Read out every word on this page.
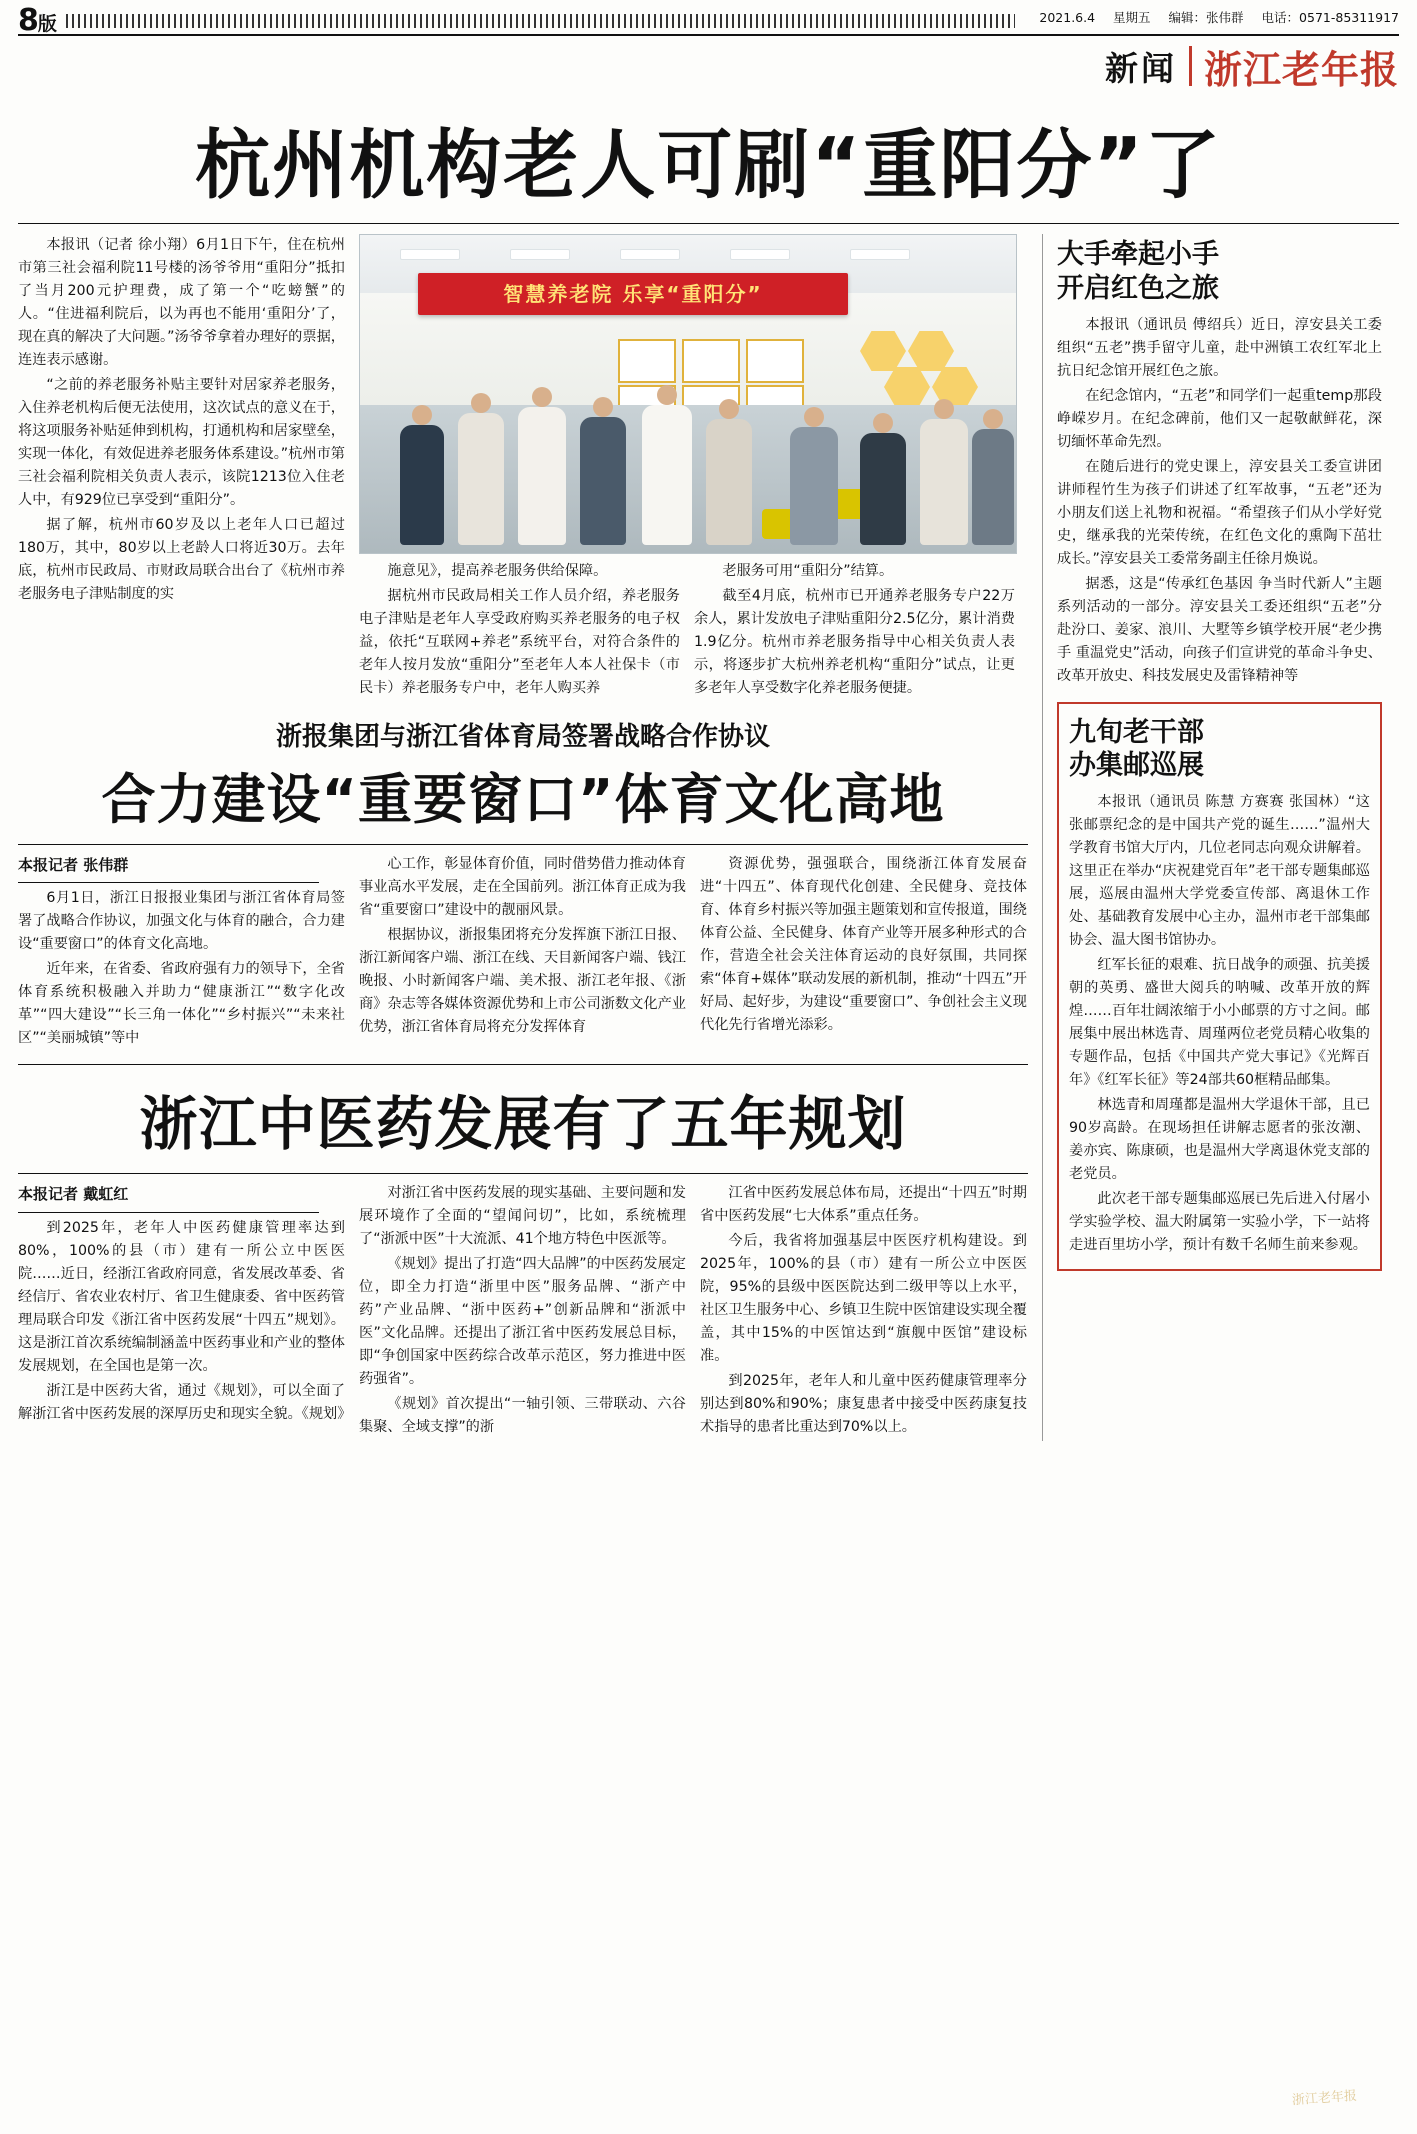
8版	2021.6.4 星期五 编辑：张伟群 电话：0571-85311917
新闻 浙江老年报
杭州机构老人可刷“重阳分”了

本报讯（记者 徐小翔）6月1日下午，住在杭州市第三社会福利院11号楼的汤爷爷用“重阳分”抵扣了当月200元护理费，成了第一个“吃螃蟹”的人。“住进福利院后，以为再也不能用‘重阳分’了，现在真的解决了大问题。”汤爷爷拿着办理好的票据，连连表示感谢。

“之前的养老服务补贴主要针对居家养老服务，入住养老机构后便无法使用，这次试点的意义在于，将这项服务补贴延伸到机构，打通机构和居家壁垒，实现一体化，有效促进养老服务体系建设。”杭州市第三社会福利院相关负责人表示，该院1213位入住老人中，有929位已享受到“重阳分”。

据了解，杭州市60岁及以上老年人口已超过180万，其中，80岁以上老龄人口将近30万。去年底，杭州市民政局、市财政局联合出台了《杭州市养老服务电子津贴制度的实

智慧养老院 乐享“重阳分”

施意见》，提高养老服务供给保障。

据杭州市民政局相关工作人员介绍，养老服务电子津贴是老年人享受政府购买养老服务的电子权益，依托“互联网+养老”系统平台，对符合条件的老年人按月发放“重阳分”至老年人本人社保卡（市民卡）养老服务专户中，老年人购买养

老服务可用“重阳分”结算。

截至4月底，杭州市已开通养老服务专户22万余人，累计发放电子津贴重阳分2.5亿分，累计消费1.9亿分。杭州市养老服务指导中心相关负责人表示，将逐步扩大杭州养老机构“重阳分”试点，让更多老年人享受数字化养老服务便捷。

浙报集团与浙江省体育局签署战略合作协议
合力建设“重要窗口”体育文化高地
本报记者 张伟群

6月1日，浙江日报报业集团与浙江省体育局签署了战略合作协议，加强文化与体育的融合，合力建设“重要窗口”的体育文化高地。

近年来，在省委、省政府强有力的领导下，全省体育系统积极融入并助力“健康浙江”“数字化改革”“四大建设”“长三角一体化”“乡村振兴”“未来社区”“美丽城镇”等中

心工作，彰显体育价值，同时借势借力推动体育事业高水平发展，走在全国前列。浙江体育正成为我省“重要窗口”建设中的靓丽风景。

根据协议，浙报集团将充分发挥旗下浙江日报、浙江新闻客户端、浙江在线、天目新闻客户端、钱江晚报、小时新闻客户端、美术报、浙江老年报、《浙商》杂志等各媒体资源优势和上市公司浙数文化产业优势，浙江省体育局将充分发挥体育

资源优势，强强联合，围绕浙江体育发展奋进“十四五”、体育现代化创建、全民健身、竞技体育、体育乡村振兴等加强主题策划和宣传报道，围绕体育公益、全民健身、体育产业等开展多种形式的合作，营造全社会关注体育运动的良好氛围，共同探索“体育+媒体”联动发展的新机制，推动“十四五”开好局、起好步，为建设“重要窗口”、争创社会主义现代化先行省增光添彩。

浙江中医药发展有了五年规划
本报记者 戴虹红

到2025年，老年人中医药健康管理率达到80%，100%的县（市）建有一所公立中医医院……近日，经浙江省政府同意，省发展改革委、省经信厅、省农业农村厅、省卫生健康委、省中医药管理局联合印发《浙江省中医药发展“十四五”规划》。这是浙江首次系统编制涵盖中医药事业和产业的整体发展规划，在全国也是第一次。

浙江是中医药大省，通过《规划》，可以全面了解浙江省中医药发展的深厚历史和现实全貌。《规划》

对浙江省中医药发展的现实基础、主要问题和发展环境作了全面的“望闻问切”，比如，系统梳理了“浙派中医”十大流派、41个地方特色中医派等。

《规划》提出了打造“四大品牌”的中医药发展定位，即全力打造“浙里中医”服务品牌、“浙产中药”产业品牌、“浙中医药+”创新品牌和“浙派中医”文化品牌。还提出了浙江省中医药发展总目标，即“争创国家中医药综合改革示范区，努力推进中医药强省”。

《规划》首次提出“一轴引领、三带联动、六谷集聚、全域支撑”的浙

江省中医药发展总体布局，还提出“十四五”时期省中医药发展“七大体系”重点任务。

今后，我省将加强基层中医医疗机构建设。到2025年，100%的县（市）建有一所公立中医医院，95%的县级中医医院达到二级甲等以上水平，社区卫生服务中心、乡镇卫生院中医馆建设实现全覆盖，其中15%的中医馆达到“旗舰中医馆”建设标准。

到2025年，老年人和儿童中医药健康管理率分别达到80%和90%；康复患者中接受中医药康复技术指导的患者比重达到70%以上。

大手牵起小手
开启红色之旅

本报讯（通讯员 傅绍兵）近日，淳安县关工委组织“五老”携手留守儿童，赴中洲镇工农红军北上抗日纪念馆开展红色之旅。

在纪念馆内，“五老”和同学们一起重temp那段峥嵘岁月。在纪念碑前，他们又一起敬献鲜花，深切缅怀革命先烈。

在随后进行的党史课上，淳安县关工委宣讲团讲师程竹生为孩子们讲述了红军故事，“五老”还为小朋友们送上礼物和祝福。“希望孩子们从小学好党史，继承我的光荣传统，在红色文化的熏陶下茁壮成长。”淳安县关工委常务副主任徐月焕说。

据悉，这是“传承红色基因 争当时代新人”主题系列活动的一部分。淳安县关工委还组织“五老”分赴汾口、姜家、浪川、大墅等乡镇学校开展“老少携手 重温党史”活动，向孩子们宣讲党的革命斗争史、改革开放史、科技发展史及雷锋精神等

九旬老干部
办集邮巡展

本报讯（通讯员 陈慧 方赛赛 张国林）“这张邮票纪念的是中国共产党的诞生……”温州大学教育书馆大厅内，几位老同志向观众讲解着。这里正在举办“庆祝建党百年”老干部专题集邮巡展，巡展由温州大学党委宣传部、离退休工作处、基础教育发展中心主办，温州市老干部集邮协会、温大图书馆协办。

红军长征的艰难、抗日战争的顽强、抗美援朝的英勇、盛世大阅兵的呐喊、改革开放的辉煌……百年壮阔浓缩于小小邮票的方寸之间。邮展集中展出林选青、周瑾两位老党员精心收集的专题作品，包括《中国共产党大事记》《光辉百年》《红军长征》等24部共60框精品邮集。

林选青和周瑾都是温州大学退休干部，且已90岁高龄。在现场担任讲解志愿者的张汝潮、姜亦宾、陈康硕，也是温州大学离退休党支部的老党员。

此次老干部专题集邮巡展已先后进入付屠小学实验学校、温大附属第一实验小学，下一站将走进百里坊小学，预计有数千名师生前来参观。

浙江老年报
